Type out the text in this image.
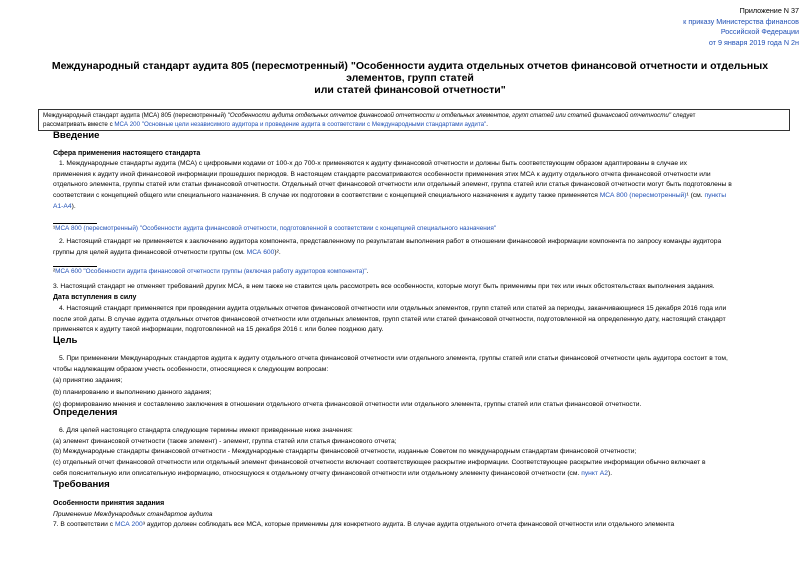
Приложение N 37
к приказу Министерства финансов
Российской Федерации
от 9 января 2019 года N 2н
Международный стандарт аудита 805 (пересмотренный) "Особенности аудита отдельных отчетов финансовой отчетности и отдельных элементов, групп статей
или статей финансовой отчетности"
Международный стандарт аудита (МСА) 805 (пересмотренный) "Особенности аудита отдельных отчетов финансовой отчетности и отдельных элементов, групп статей или статей финансовой отчетности" следует
рассматривать вместе с МСА 200 "Основные цели независимого аудитора и проведение аудита в соответствии с Международными стандартами аудита".
Введение
Сфера применения настоящего стандарта
1. Международные стандарты аудита (МСА) с цифровыми кодами от 100-х до 700-х применяются к аудиту финансовой отчетности и должны быть соответствующим образом адаптированы в случае их
применения к аудиту иной финансовой информации прошедших периодов. В настоящем стандарте рассматриваются особенности применения этих МСА к аудиту отдельного отчета финансовой отчетности или
отдельного элемента, группы статей или статьи финансовой отчетности. Отдельный отчет финансовой отчетности или отдельный элемент, группа статей или статья финансовой отчетности могут быть подготовлены в
соответствии с концепцией общего или специального назначения. В случае их подготовки в соответствии с концепцией специального назначения к аудиту также применяется МСА 800 (пересмотренный)¹ (см. пункты
А1-А4).
¹МСА 800 (пересмотренный) "Особенности аудита финансовой отчетности, подготовленной в соответствии с концепцией специального назначения"
2. Настоящий стандарт не применяется к заключению аудитора компонента, представленному по результатам выполнения работ в отношении финансовой информации компонента по запросу команды аудитора
группы для целей аудита финансовой отчетности группы (см. МСА 600)².
²МСА 600 "Особенности аудита финансовой отчетности группы (включая работу аудиторов компонента)".
3. Настоящий стандарт не отменяет требований других МСА, в нем также не ставится цель рассмотреть все особенности, которые могут быть применимы при тех или иных обстоятельствах выполнения задания.
Дата вступления в силу
4. Настоящий стандарт применяется при проведении аудита отдельных отчетов финансовой отчетности или отдельных элементов, групп статей или статей за периоды, заканчивающиеся 15 декабря 2016 года или
после этой даты. В случае аудита отдельных отчетов финансовой отчетности или отдельных элементов, групп статей или статей финансовой отчетности, подготовленной на определенную дату, настоящий стандарт
применяется к аудиту такой информации, подготовленной на 15 декабря 2016 г. или более позднюю дату.
Цель
5. При применении Международных стандартов аудита к аудиту отдельного отчета финансовой отчетности или отдельного элемента, группы статей или статьи финансовой отчетности цель аудитора состоит в том,
чтобы надлежащим образом учесть особенности, относящиеся к следующим вопросам:
(a) принятию задания;
(b) планированию и выполнению данного задания;
(c) формированию мнения и составлению заключения в отношении отдельного отчета финансовой отчетности или отдельного элемента, группы статей или статьи финансовой отчетности.
Определения
6. Для целей настоящего стандарта следующие термины имеют приведенные ниже значения:
(a) элемент финансовой отчетности (также элемент) - элемент, группа статей или статья финансового отчета;
(b) Международные стандарты финансовой отчетности - Международные стандарты финансовой отчетности, изданные Советом по международным стандартам финансовой отчетности;
(c) отдельный отчет финансовой отчетности или отдельный элемент финансовой отчетности включает соответствующее раскрытие информации. Соответствующее раскрытие информации обычно включает в
себя пояснительную или описательную информацию, относящуюся к отдельному отчету финансовой отчетности или отдельному элементу финансовой отчетности (см. пункт А2).
Требования
Особенности принятия задания
Применение Международных стандартов аудита
7. В соответствии с МСА 200³ аудитор должен соблюдать все МСА, которые применимы для конкретного аудита. В случае аудита отдельного отчета финансовой отчетности или отдельного элемента
